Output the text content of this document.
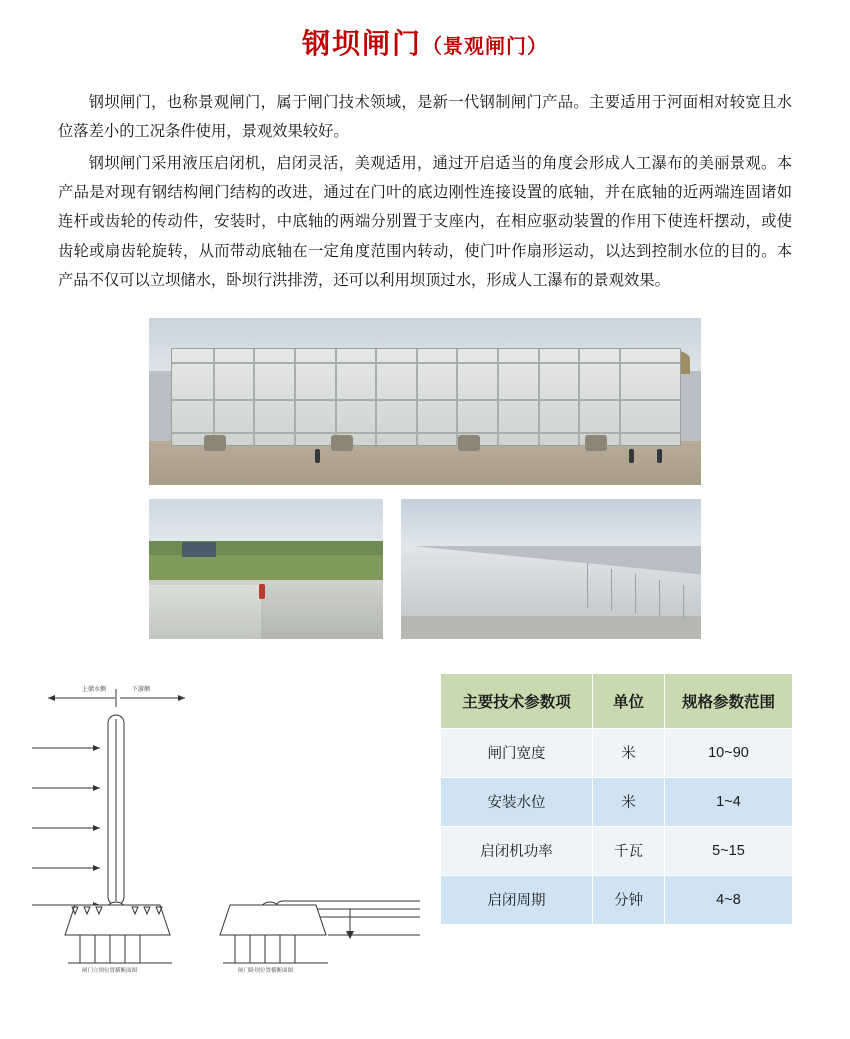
钢坝闸门（景观闸门）

钢坝闸门，也称景观闸门，属于闸门技术领域，是新一代钢制闸门产品。主要适用于河面相对较宽且水位落差小的工况条件使用，景观效果较好。

钢坝闸门采用液压启闭机，启闭灵活，美观适用，通过开启适当的角度会形成人工瀑布的美丽景观。本产品是对现有钢结构闸门结构的改进，通过在门叶的底边刚性连接设置的底轴，并在底轴的近两端连固诸如连杆或齿轮的传动件，安装时，中底轴的两端分别置于支座内，在相应驱动装置的作用下使连杆摆动，或使齿轮或扇齿轮旋转，从而带动底轴在一定角度范围内转动，使门叶作扇形运动，以达到控制水位的目的。本产品不仅可以立坝储水，卧坝行洪排涝，还可以利用坝顶过水，形成人工瀑布的景观效果。

上储水侧	下游侧
闸门立坝位置横断面图	闸门卧坝位置横断面图
主要技术参数项	单位	规格参数范围
闸门宽度	米	10~90
安装水位	米	1~4
启闭机功率	千瓦	5~15
启闭周期	分钟	4~8
